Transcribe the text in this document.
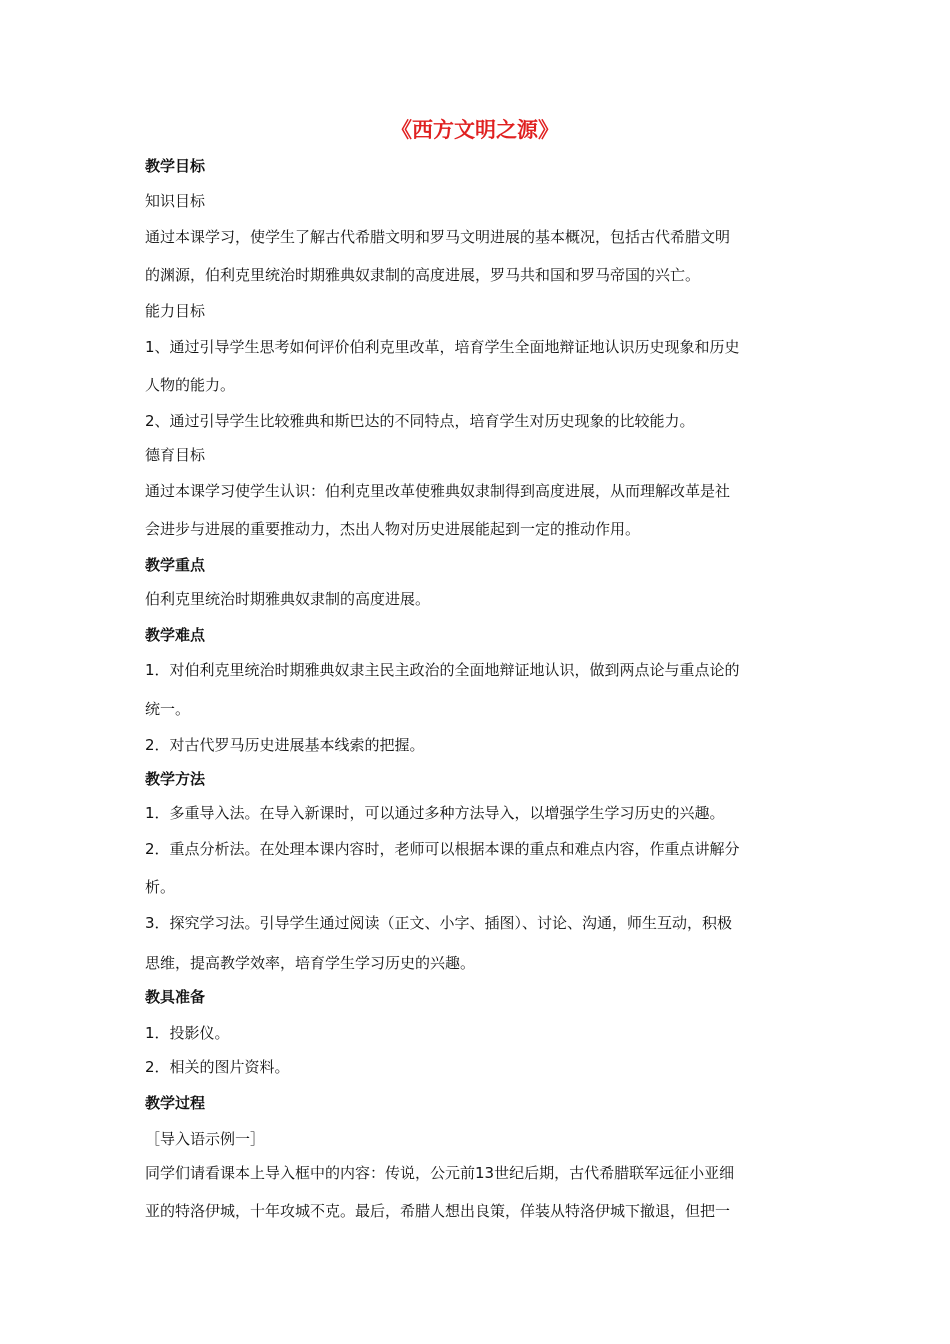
《西方文明之源》
教学目标
知识目标
通过本课学习，使学生了解古代希腊文明和罗马文明进展的基本概况，包括古代希腊文明
的渊源，伯利克里统治时期雅典奴隶制的高度进展，罗马共和国和罗马帝国的兴亡。
能力目标
1、通过引导学生思考如何评价伯利克里改革，培育学生全面地辩证地认识历史现象和历史
人物的能力。
2、通过引导学生比较雅典和斯巴达的不同特点，培育学生对历史现象的比较能力。
德育目标
通过本课学习使学生认识：伯利克里改革使雅典奴隶制得到高度进展，从而理解改革是社
会进步与进展的重要推动力，杰出人物对历史进展能起到一定的推动作用。
教学重点
伯利克里统治时期雅典奴隶制的高度进展。
教学难点
1．对伯利克里统治时期雅典奴隶主民主政治的全面地辩证地认识，做到两点论与重点论的
统一。
2．对古代罗马历史进展基本线索的把握。
教学方法
1．多重导入法。在导入新课时，可以通过多种方法导入，以增强学生学习历史的兴趣。
2．重点分析法。在处理本课内容时，老师可以根据本课的重点和难点内容，作重点讲解分
析。
3．探究学习法。引导学生通过阅读（正文、小字、插图）、讨论、沟通，师生互动，积极
思维，提高教学效率，培育学生学习历史的兴趣。
教具准备
1．投影仪。
2．相关的图片资料。
教学过程
［导入语示例一］
同学们请看课本上导入框中的内容：传说，公元前13世纪后期，古代希腊联军远征小亚细
亚的特洛伊城，十年攻城不克。最后，希腊人想出良策，佯装从特洛伊城下撤退，但把一
